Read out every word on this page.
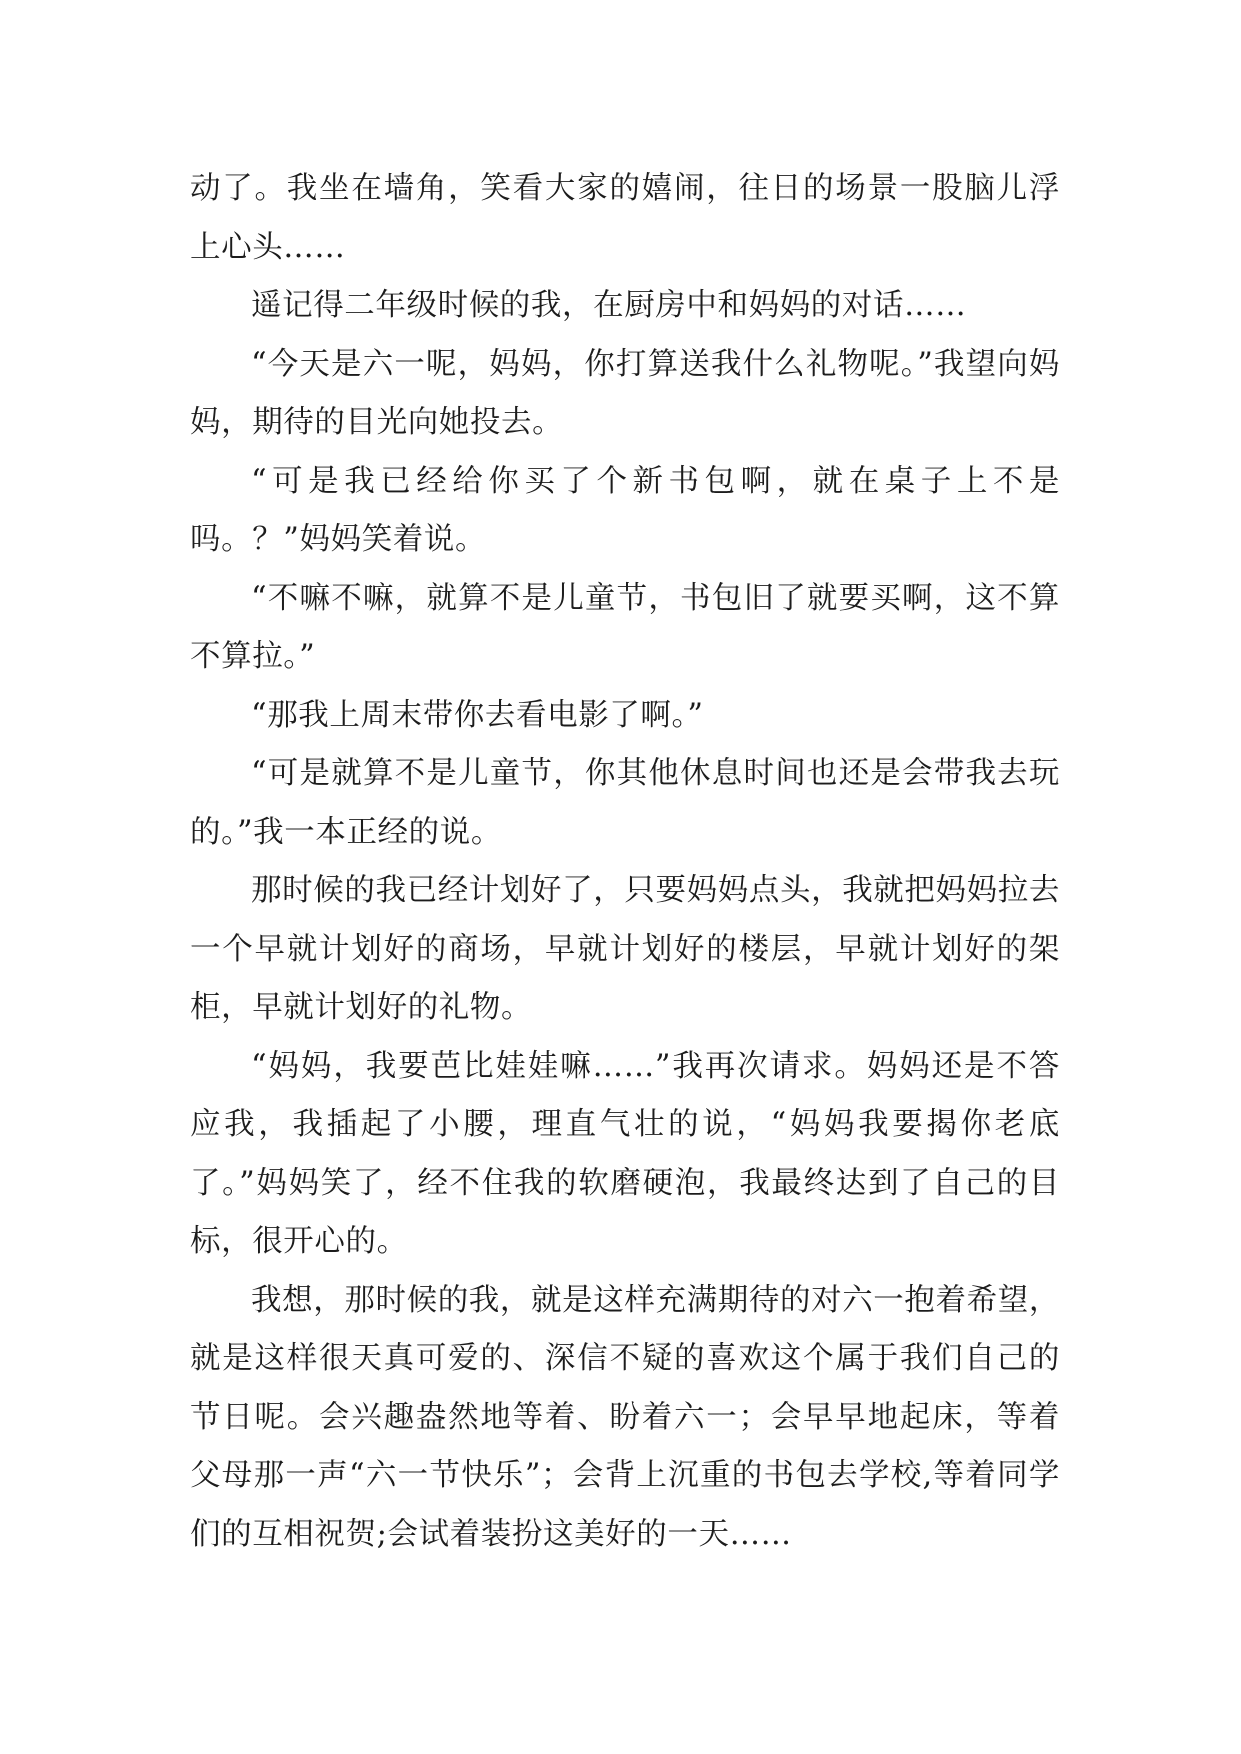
动了。我坐在墙角，笑看大家的嬉闹，往日的场景一股脑儿浮上心头……

遥记得二年级时候的我，在厨房中和妈妈的对话……

“今天是六一呢，妈妈，你打算送我什么礼物呢。”我望向妈妈，期待的目光向她投去。

“可是我已经给你买了个新书包啊，就在桌子上不是吗。？”妈妈笑着说。

“不嘛不嘛，就算不是儿童节，书包旧了就要买啊，这不算不算拉。”

“那我上周末带你去看电影了啊。”

“可是就算不是儿童节，你其他休息时间也还是会带我去玩的。”我一本正经的说。

那时候的我已经计划好了，只要妈妈点头，我就把妈妈拉去一个早就计划好的商场，早就计划好的楼层，早就计划好的架柜，早就计划好的礼物。

“妈妈，我要芭比娃娃嘛……”我再次请求。妈妈还是不答应我，我插起了小腰，理直气壮的说，“妈妈我要揭你老底了。”妈妈笑了，经不住我的软磨硬泡，我最终达到了自己的目标，很开心的。

我想，那时候的我，就是这样充满期待的对六一抱着希望，就是这样很天真可爱的、深信不疑的喜欢这个属于我们自己的节日呢。会兴趣盎然地等着、盼着六一；会早早地起床，等着父母那一声“六一节快乐”；会背上沉重的书包去学校,等着同学们的互相祝贺;会试着装扮这美好的一天……
